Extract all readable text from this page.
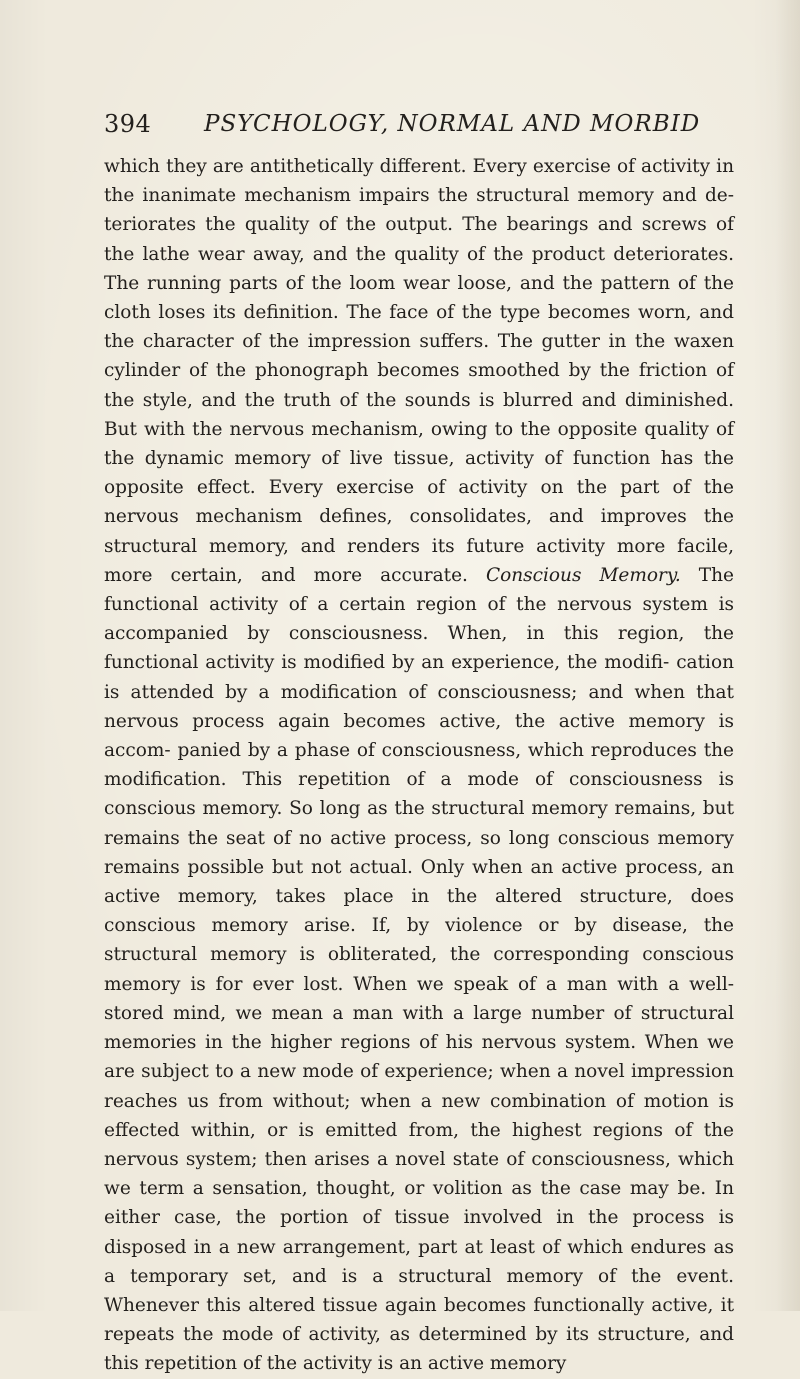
394 PSYCHOLOGY, NORMAL AND MORBID

which they are antithetically different. Every exercise of activity in the inanimate mechanism impairs the structural memory and de- teriorates the quality of the output. The bearings and screws of the lathe wear away, and the quality of the product deteriorates. The running parts of the loom wear loose, and the pattern of the cloth loses its definition. The face of the type becomes worn, and the character of the impression suffers. The gutter in the waxen cylinder of the phonograph becomes smoothed by the friction of the style, and the truth of the sounds is blurred and diminished. But with the nervous mechanism, owing to the opposite quality of the dynamic memory of live tissue, activity of function has the opposite effect. Every exercise of activity on the part of the nervous mechanism defines, consolidates, and improves the structural memory, and renders its future activity more facile, more certain, and more accurate. Conscious Memory. The functional activity of a certain region of the nervous system is accompanied by consciousness. When, in this region, the functional activity is modified by an experience, the modifi- cation is attended by a modification of consciousness; and when that nervous process again becomes active, the active memory is accom- panied by a phase of consciousness, which reproduces the modification. This repetition of a mode of consciousness is conscious memory. So long as the structural memory remains, but remains the seat of no active process, so long conscious memory remains possible but not actual. Only when an active process, an active memory, takes place in the altered structure, does conscious memory arise. If, by violence or by disease, the structural memory is obliterated, the corresponding conscious memory is for ever lost. When we speak of a man with a well-stored mind, we mean a man with a large number of structural memories in the higher regions of his nervous system. When we are subject to a new mode of experience; when a novel impression reaches us from without; when a new combination of motion is effected within, or is emitted from, the highest regions of the nervous system; then arises a novel state of consciousness, which we term a sensation, thought, or volition as the case may be. In either case, the portion of tissue involved in the process is disposed in a new arrangement, part at least of which endures as a temporary set, and is a structural memory of the event. Whenever this altered tissue again becomes functionally active, it repeats the mode of activity, as determined by its structure, and this repetition of the activity is an active memory
